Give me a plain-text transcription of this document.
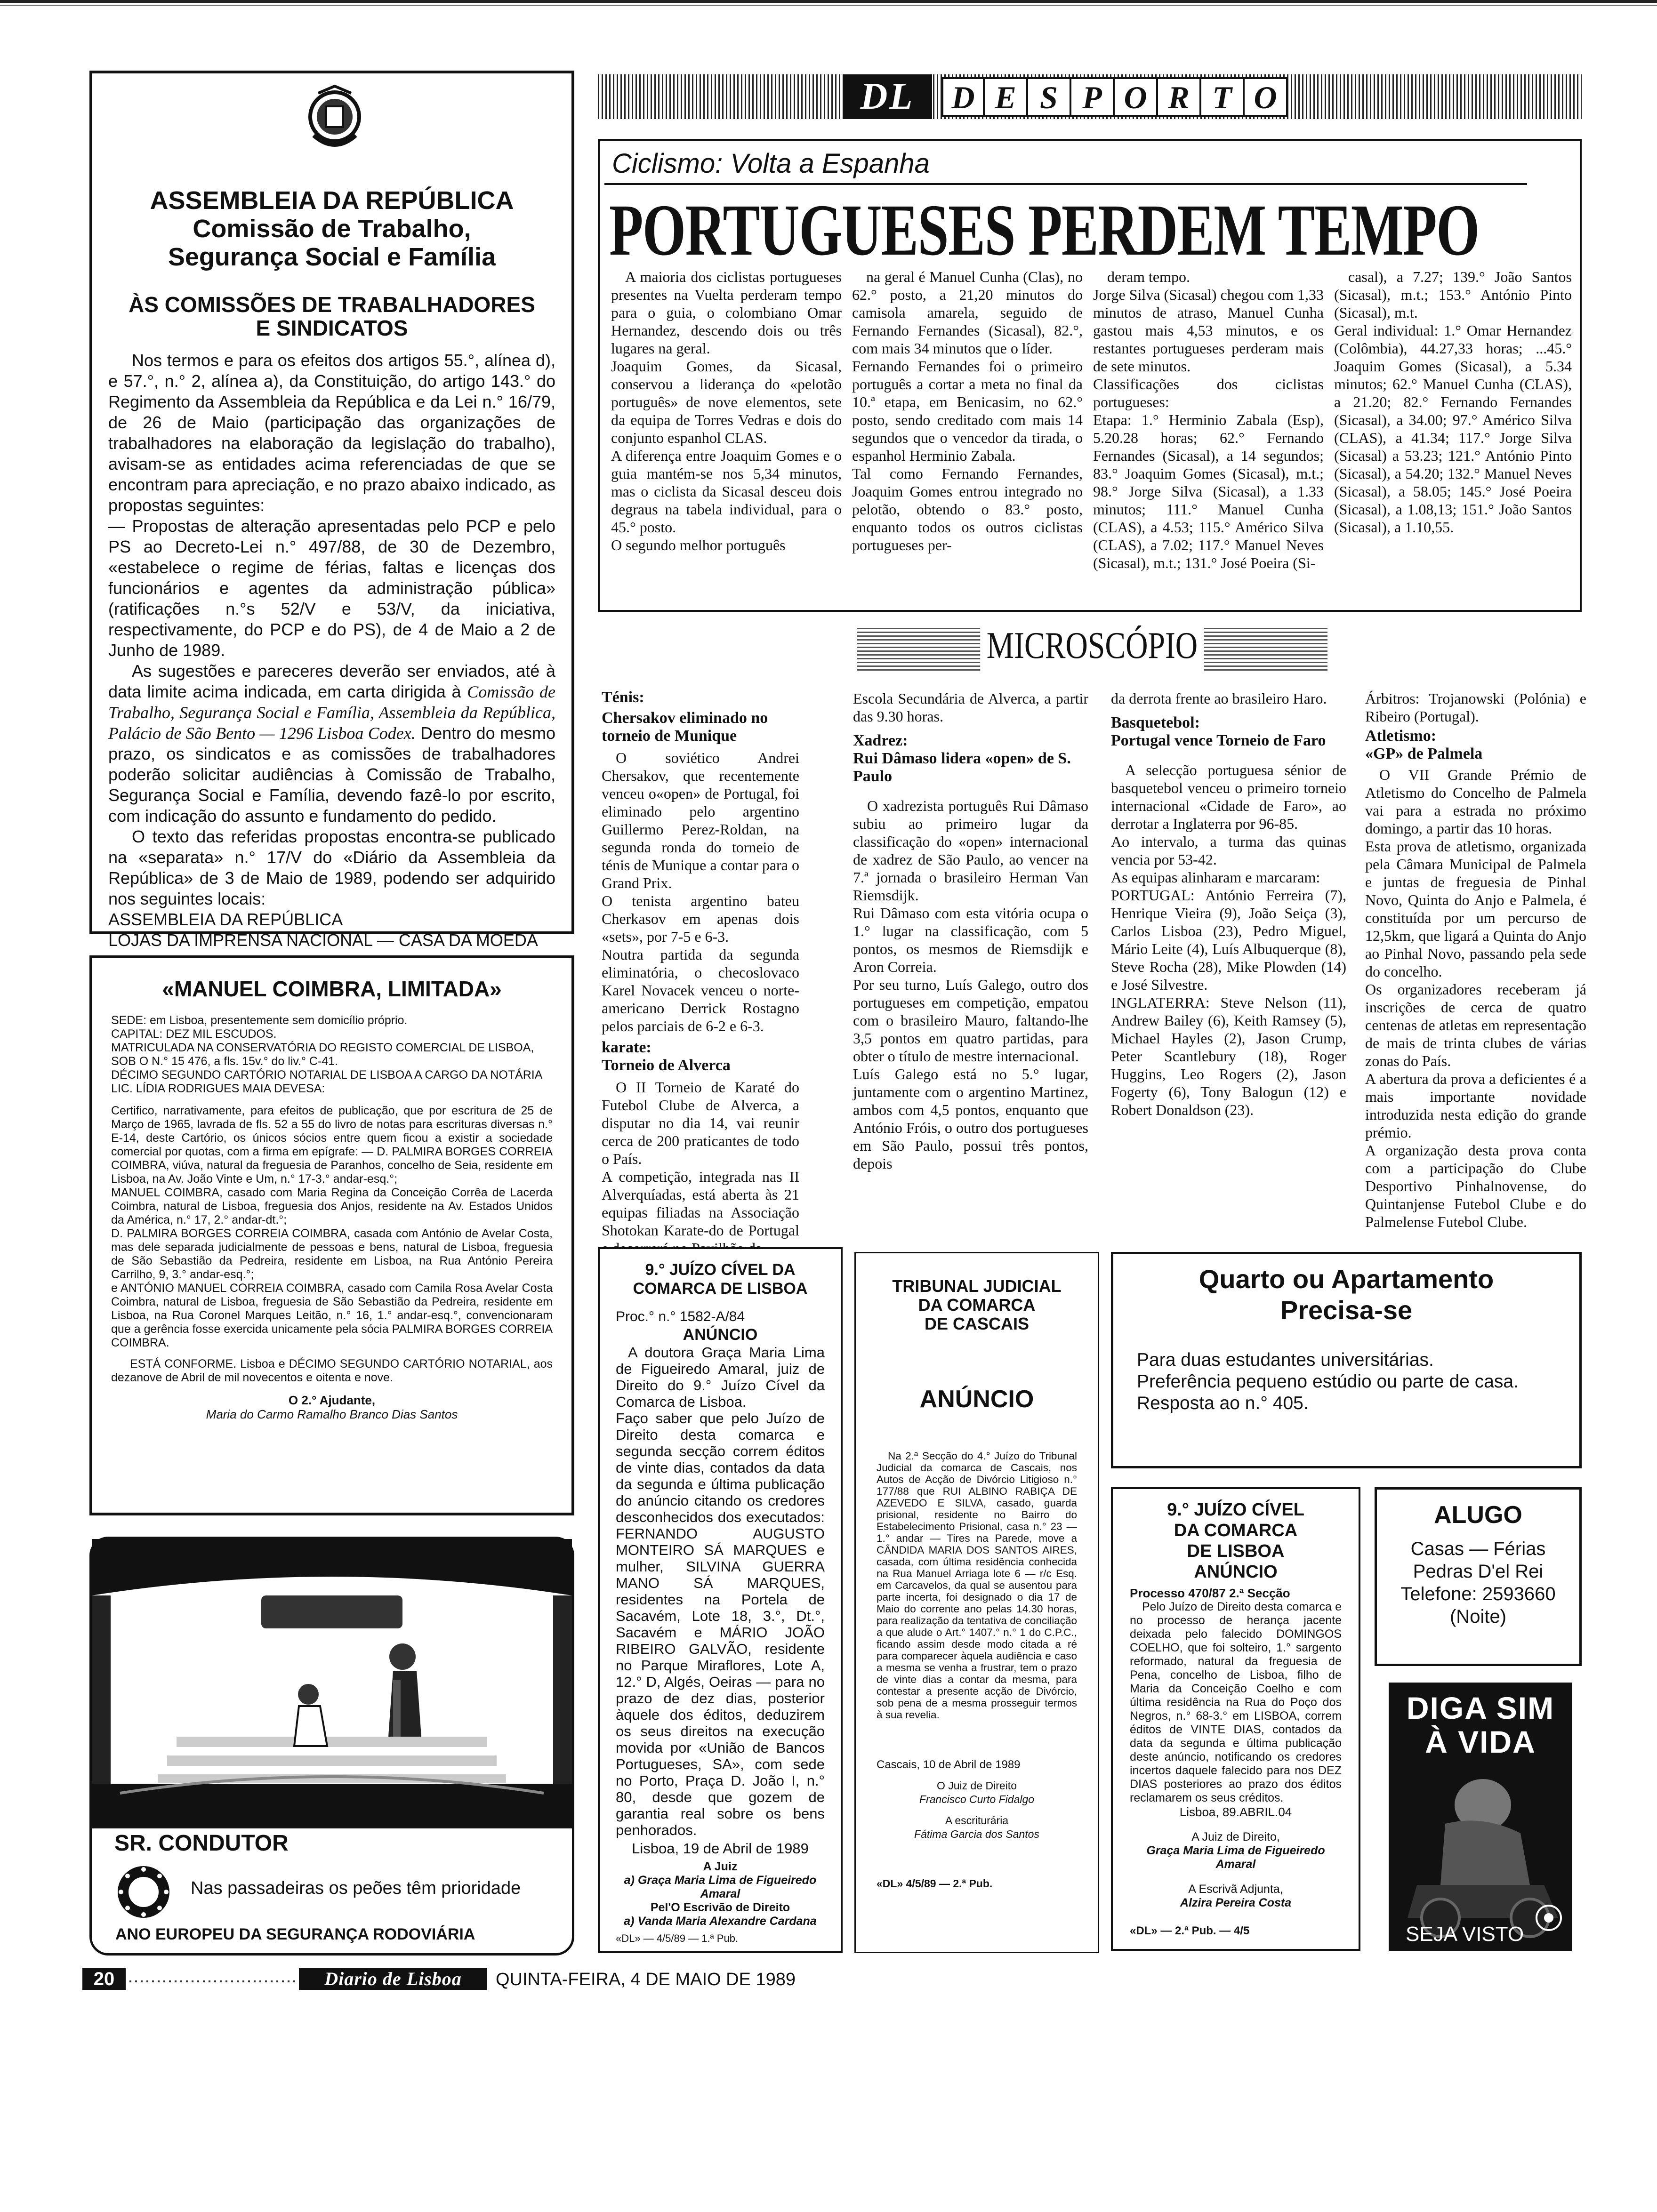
ASSEMBLEIA DA REPÚBLICA
Comissão de Trabalho,
Segurança Social e Família
ÀS COMISSÕES DE TRABALHADORES
E SINDICATOS

Nos termos e para os efeitos dos artigos 55.°, alínea d), e 57.°, n.° 2, alínea a), da Constituição, do artigo 143.° do Regimento da Assembleia da República e da Lei n.° 16/79, de 26 de Maio (participação das organizações de trabalhadores na elaboração da legislação do trabalho), avisam-se as entidades acima referenciadas de que se encontram para apreciação, e no prazo abaixo indicado, as propostas seguintes:

— Propostas de alteração apresentadas pelo PCP e pelo PS ao Decreto-Lei n.° 497/88, de 30 de Dezembro, «estabelece o regime de férias, faltas e licenças dos funcionários e agentes da administração pública» (ratificações n.°s 52/V e 53/V, da iniciativa, respectivamente, do PCP e do PS), de 4 de Maio a 2 de Junho de 1989.

As sugestões e pareceres deverão ser enviados, até à data limite acima indicada, em carta dirigida à Comissão de Trabalho, Segurança Social e Família, Assembleia da República, Palácio de São Bento — 1296 Lisboa Codex. Dentro do mesmo prazo, os sindicatos e as comissões de trabalhadores poderão solicitar audiências à Comissão de Trabalho, Segurança Social e Família, devendo fazê-lo por escrito, com indicação do assunto e fundamento do pedido.

O texto das referidas propostas encontra-se publicado na «separata» n.° 17/V do «Diário da Assembleia da República» de 3 de Maio de 1989, podendo ser adquirido nos seguintes locais:

ASSEMBLEIA DA REPÚBLICA

LOJAS DA IMPRENSA NACIONAL — CASA DA MOEDA

«MANUEL COIMBRA, LIMITADA»
SEDE: em Lisboa, presentemente sem domicílio próprio.
CAPITAL: DEZ MIL ESCUDOS.
MATRICULADA NA CONSERVATÓRIA DO REGISTO COMERCIAL DE LISBOA, SOB O N.° 15 476, a fls. 15v.° do liv.° C-41.
DÉCIMO SEGUNDO CARTÓRIO NOTARIAL DE LISBOA A CARGO DA NOTÁRIA LIC. LÍDIA RODRIGUES MAIA DEVESA:
Certifico, narrativamente, para efeitos de publicação, que por escritura de 25 de Março de 1965, lavrada de fls. 52 a 55 do livro de notas para escrituras diversas n.° E-14, deste Cartório, os únicos sócios entre quem ficou a existir a sociedade comercial por quotas, com a firma em epígrafe: — D. PALMIRA BORGES CORREIA COIMBRA, viúva, natural da freguesia de Paranhos, concelho de Seia, residente em Lisboa, na Av. João Vinte e Um, n.° 17-3.° andar-esq.°;
MANUEL COIMBRA, casado com Maria Regina da Conceição Corrêa de Lacerda Coimbra, natural de Lisboa, freguesia dos Anjos, residente na Av. Estados Unidos da América, n.° 17, 2.° andar-dt.°;
D. PALMIRA BORGES CORREIA COIMBRA, casada com António de Avelar Costa, mas dele separada judicialmente de pessoas e bens, natural de Lisboa, freguesia de São Sebastião da Pedreira, residente em Lisboa, na Rua António Pereira Carrilho, 9, 3.° andar-esq.°;
e ANTÓNIO MANUEL CORREIA COIMBRA, casado com Camila Rosa Avelar Costa Coimbra, natural de Lisboa, freguesia de São Sebastião da Pedreira, residente em Lisboa, na Rua Coronel Marques Leitão, n.° 16, 1.° andar-esq.°, convencionaram que a gerência fosse exercida unicamente pela sócia PALMIRA BORGES CORREIA COIMBRA.
ESTÁ CONFORME. Lisboa e DÉCIMO SEGUNDO CARTÓRIO NOTARIAL, aos dezanove de Abril de mil novecentos e oitenta e nove.
O 2.° Ajudante,
Maria do Carmo Ramalho Branco Dias Santos
SR. CONDUTOR
Nas passadeiras os peões têm prioridade
ANO EUROPEU DA SEGURANÇA RODOVIÁRIA
DL	D E S P O R T O
Ciclismo: Volta a Espanha
PORTUGUESES PERDEM TEMPO
A maioria dos ciclistas portugueses presentes na Vuelta perderam tempo para o guia, o colombiano Omar Hernandez, descendo dois ou três lugares na geral.
Joaquim Gomes, da Sicasal, conservou a liderança do «pelotão português» de nove elementos, sete da equipa de Torres Vedras e dois do conjunto espanhol CLAS.
A diferença entre Joaquim Gomes e o guia mantém-se nos 5,34 minutos, mas o ciclista da Sicasal desceu dois degraus na tabela individual, para o 45.° posto.
O segundo melhor português
na geral é Manuel Cunha (Clas), no 62.° posto, a 21,20 minutos do camisola amarela, seguido de Fernando Fernandes (Sicasal), 82.°, com mais 34 minutos que o líder.
Fernando Fernandes foi o primeiro português a cortar a meta no final da 10.ª etapa, em Benicasim, no 62.° posto, sendo creditado com mais 14 segundos que o vencedor da tirada, o espanhol Herminio Zabala.
Tal como Fernando Fernandes, Joaquim Gomes entrou integrado no pelotão, obtendo o 83.° posto, enquanto todos os outros ciclistas portugueses per-
deram tempo.
Jorge Silva (Sicasal) chegou com 1,33 minutos de atraso, Manuel Cunha gastou mais 4,53 minutos, e os restantes portugueses perderam mais de sete minutos.
Classificações dos ciclistas portugueses:
Etapa: 1.° Herminio Zabala (Esp), 5.20.28 horas; 62.° Fernando Fernandes (Sicasal), a 14 segundos; 83.° Joaquim Gomes (Sicasal), m.t.; 98.° Jorge Silva (Sicasal), a 1.33 minutos; 111.° Manuel Cunha (CLAS), a 4.53; 115.° Américo Silva (CLAS), a 7.02; 117.° Manuel Neves (Sicasal), m.t.; 131.° José Poeira (Si-
casal), a 7.27; 139.° João Santos (Sicasal), m.t.; 153.° António Pinto (Sicasal), m.t.
Geral individual: 1.° Omar Hernandez (Colômbia), 44.27,33 horas; ...45.° Joaquim Gomes (Sicasal), a 5.34 minutos; 62.° Manuel Cunha (CLAS), a 21.20; 82.° Fernando Fernandes (Sicasal), a 34.00; 97.° Américo Silva (CLAS), a 41.34; 117.° Jorge Silva (Sicasal) a 53.23; 121.° António Pinto (Sicasal), a 54.20; 132.° Manuel Neves (Sicasal), a 58.05; 145.° José Poeira (Sicasal), a 1.08,13; 151.° João Santos (Sicasal), a 1.10,55.
MICROSCÓPIO
Ténis:
Chersakov eliminado no torneio de Munique
O soviético Andrei Chersakov, que recentemente venceu o«open» de Portugal, foi eliminado pelo argentino Guillermo Perez-Roldan, na segunda ronda do torneio de ténis de Munique a contar para o Grand Prix.
O tenista argentino bateu Cherkasov em apenas dois «sets», por 7-5 e 6-3.
Noutra partida da segunda eliminatória, o checoslovaco Karel Novacek venceu o norte-americano Derrick Rostagno pelos parciais de 6-2 e 6-3.
karate:
Torneio de Alverca
O II Torneio de Karaté do Futebol Clube de Alverca, a disputar no dia 14, vai reunir cerca de 200 praticantes de todo o País.
A competição, integrada nas II Alverquíadas, está aberta às 21 equipas filiadas na Associação Shotokan Karate-do de Portugal
Escola Secundária de Alverca, a partir das 9.30 horas.
Xadrez:
Rui Dâmaso lidera «open» de S. Paulo
O xadrezista português Rui Dâmaso subiu ao primeiro lugar da classificação do «open» internacional de xadrez de São Paulo, ao vencer na 7.ª jornada o brasileiro Herman Van Riemsdijk.
Rui Dâmaso com esta vitória ocupa o 1.° lugar na classificação, com 5 pontos, os mesmos de Riemsdijk e Aron Correia.
Por seu turno, Luís Galego, outro dos portugueses em competição, empatou com o brasileiro Mauro, faltando-lhe 3,5 pontos em quatro partidas, para obter o título de mestre internacional.
Luís Galego está no 5.° lugar, juntamente com o argentino Martinez, ambos com 4,5 pontos, enquanto que António Fróis, o outro dos portugueses em São Paulo, possui três pontos, depois
da derrota frente ao brasileiro Haro.
Basquetebol:
Portugal vence Torneio de Faro
A selecção portuguesa sénior de basquetebol venceu o primeiro torneio internacional «Cidade de Faro», ao derrotar a Inglaterra por 96-85.
Ao intervalo, a turma das quinas vencia por 53-42.
As equipas alinharam e marcaram:
PORTUGAL: António Ferreira (7), Henrique Vieira (9), João Seiça (3), Carlos Lisboa (23), Pedro Miguel, Mário Leite (4), Luís Albuquerque (8), Steve Rocha (28), Mike Plowden (14) e José Silvestre.
INGLATERRA: Steve Nelson (11), Andrew Bailey (6), Keith Ramsey (5), Michael Hayles (2), Jason Crump, Peter Scantlebury (18), Roger Huggins, Leo Rogers (2), Jason Fogerty (6), Tony Balogun (12) e Robert Donaldson (23).
Árbitros: Trojanowski (Polónia) e Ribeiro (Portugal).
Atletismo:
«GP» de Palmela
O VII Grande Prémio de Atletismo do Concelho de Palmela vai para a estrada no próximo domingo, a partir das 10 horas.
Esta prova de atletismo, organizada pela Câmara Municipal de Palmela e juntas de freguesia de Pinhal Novo, Quinta do Anjo e Palmela, é constituída por um percurso de 12,5km, que ligará a Quinta do Anjo ao Pinhal Novo, passando pela sede do concelho.
Os organizadores receberam já inscrições de cerca de quatro centenas de atletas em representação de mais de trinta clubes de várias zonas do País.
A abertura da prova a deficientes é a mais importante novidade introduzida nesta edição do grande prémio.
A organização desta prova conta com a participação do Clube Desportivo Pinhalnovense, do Quintanjense Futebol Clube e do Palmelense Futebol Clube.
9.° JUÍZO CÍVEL DA
COMARCA DE LISBOA
Proc.° n.° 1582-A/84
ANÚNCIO
A doutora Graça Maria Lima de Figueiredo Amaral, juiz de Direito do 9.° Juízo Cível da Comarca de Lisboa.
Faço saber que pelo Juízo de Direito desta comarca e segunda secção correm éditos de vinte dias, contados da data da segunda e última publicação do anúncio citando os credores desconhecidos dos executados: FERNANDO AUGUSTO MONTEIRO SÁ MARQUES e mulher, SILVINA GUERRA MANO SÁ MARQUES, residentes na Portela de Sacavém, Lote 18, 3.°, Dt.°, Sacavém e MÁRIO JOÃO RIBEIRO GALVÃO, residente no Parque Miraflores, Lote A, 12.° D, Algés, Oeiras — para no prazo de dez dias, posterior àquele dos éditos, deduzirem os seus direitos na execução movida por «União de Bancos Portugueses, SA», com sede no Porto, Praça D. João I, n.° 80, desde que gozem de garantia real sobre os bens penhorados.
Lisboa, 19 de Abril de 1989
A Juiz
a) Graça Maria Lima de Figueiredo Amaral
Pel'O Escrivão de Direito
a) Vanda Maria Alexandre Cardana
«DL» — 4/5/89 — 1.ª Pub.
TRIBUNAL JUDICIAL
DA COMARCA
DE CASCAIS
ANÚNCIO
Na 2.ª Secção do 4.° Juízo do Tribunal Judicial da comarca de Cascais, nos Autos de Acção de Divórcio Litigioso n.° 177/88 que RUI ALBINO RABIÇA DE AZEVEDO E SILVA, casado, guarda prisional, residente no Bairro do Estabelecimento Prisional, casa n.° 23 — 1.° andar — Tires na Parede, move a CÂNDIDA MARIA DOS SANTOS AIRES, casada, com última residência conhecida na Rua Manuel Arriaga lote 6 — r/c Esq. em Carcavelos, da qual se ausentou para parte incerta, foi designado o dia 17 de Maio do corrente ano pelas 14.30 horas, para realização da tentativa de conciliação a que alude o Art.° 1407.° n.° 1 do C.P.C., ficando assim desde modo citada a ré para comparecer àquela audiência e caso a mesma se venha a frustrar, tem o prazo de vinte dias a contar da mesma, para contestar a presente acção de Divórcio, sob pena de a mesma prosseguir termos à sua revelia.
Cascais, 10 de Abril de 1989
O Juiz de Direito
Francisco Curto Fidalgo
A escriturária
Fátima Garcia dos Santos
«DL» 4/5/89 — 2.ª Pub.
Quarto ou Apartamento
Precisa-se
Para duas estudantes universitárias.
Preferência pequeno estúdio ou parte de casa.
Resposta ao n.° 405.
9.° JUÍZO CÍVEL
DA COMARCA
DE LISBOA
ANÚNCIO
Processo 470/87 2.ª Secção
Pelo Juízo de Direito desta comarca e no processo de herança jacente deixada pelo falecido DOMINGOS COELHO, que foi solteiro, 1.° sargento reformado, natural da freguesia de Pena, concelho de Lisboa, filho de Maria da Conceição Coelho e com última residência na Rua do Poço dos Negros, n.° 68-3.° em LISBOA, correm éditos de VINTE DIAS, contados da data da segunda e última publicação deste anúncio, notificando os credores incertos daquele falecido para nos DEZ DIAS posteriores ao prazo dos éditos reclamarem os seus créditos.
Lisboa, 89.ABRIL.04
A Juiz de Direito,
Graça Maria Lima de Figueiredo Amaral
A Escrivã Adjunta,
Alzira Pereira Costa
«DL» — 2.ª Pub. — 4/5
ALUGO
Casas — Férias
Pedras D'el Rei
Telefone: 2593660
(Noite)
DIGA SIM
À VIDA
SEJA VISTO
20	Diario de Lisboa	QUINTA-FEIRA, 4 DE MAIO DE 1989
